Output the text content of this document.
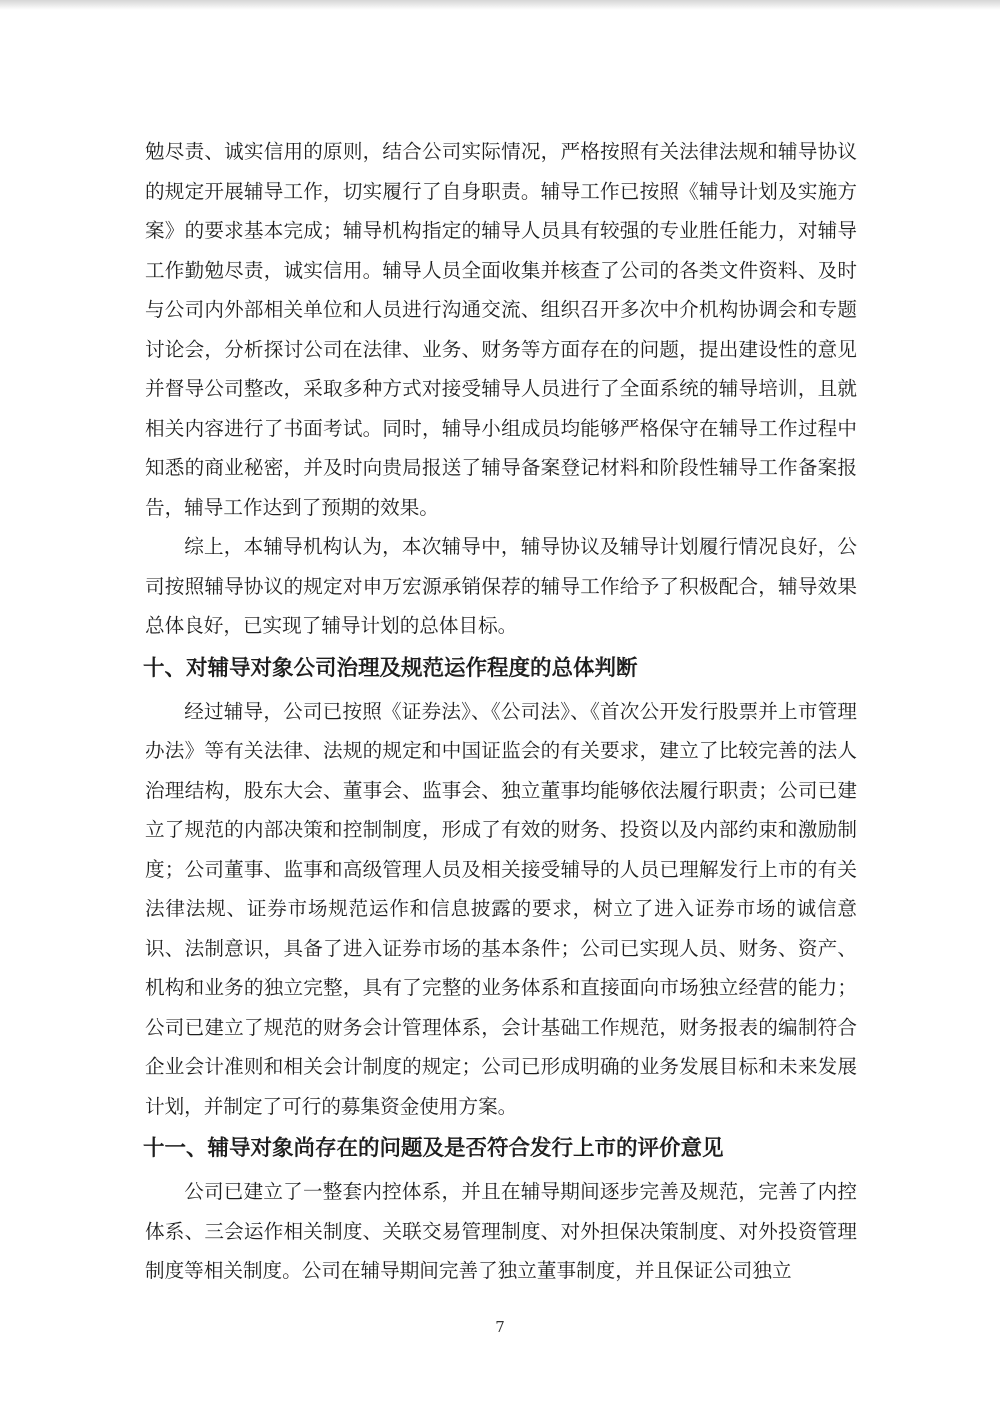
勉尽责、诚实信用的原则，结合公司实际情况，严格按照有关法律法规和辅导协议的规定开展辅导工作，切实履行了自身职责。辅导工作已按照《辅导计划及实施方案》的要求基本完成；辅导机构指定的辅导人员具有较强的专业胜任能力，对辅导工作勤勉尽责，诚实信用。辅导人员全面收集并核查了公司的各类文件资料、及时与公司内外部相关单位和人员进行沟通交流、组织召开多次中介机构协调会和专题讨论会，分析探讨公司在法律、业务、财务等方面存在的问题，提出建设性的意见并督导公司整改，采取多种方式对接受辅导人员进行了全面系统的辅导培训，且就相关内容进行了书面考试。同时，辅导小组成员均能够严格保守在辅导工作过程中知悉的商业秘密，并及时向贵局报送了辅导备案登记材料和阶段性辅导工作备案报告，辅导工作达到了预期的效果。

综上，本辅导机构认为，本次辅导中，辅导协议及辅导计划履行情况良好，公司按照辅导协议的规定对申万宏源承销保荐的辅导工作给予了积极配合，辅导效果总体良好，已实现了辅导计划的总体目标。

十、对辅导对象公司治理及规范运作程度的总体判断

经过辅导，公司已按照《证券法》、《公司法》、《首次公开发行股票并上市管理办法》等有关法律、法规的规定和中国证监会的有关要求，建立了比较完善的法人治理结构，股东大会、董事会、监事会、独立董事均能够依法履行职责；公司已建立了规范的内部决策和控制制度，形成了有效的财务、投资以及内部约束和激励制度；公司董事、监事和高级管理人员及相关接受辅导的人员已理解发行上市的有关法律法规、证券市场规范运作和信息披露的要求，树立了进入证券市场的诚信意识、法制意识，具备了进入证券市场的基本条件；公司已实现人员、财务、资产、机构和业务的独立完整，具有了完整的业务体系和直接面向市场独立经营的能力；公司已建立了规范的财务会计管理体系，会计基础工作规范，财务报表的编制符合企业会计准则和相关会计制度的规定；公司已形成明确的业务发展目标和未来发展计划，并制定了可行的募集资金使用方案。

十一、辅导对象尚存在的问题及是否符合发行上市的评价意见

公司已建立了一整套内控体系，并且在辅导期间逐步完善及规范，完善了内控体系、三会运作相关制度、关联交易管理制度、对外担保决策制度、对外投资管理制度等相关制度。公司在辅导期间完善了独立董事制度，并且保证公司独立

7
